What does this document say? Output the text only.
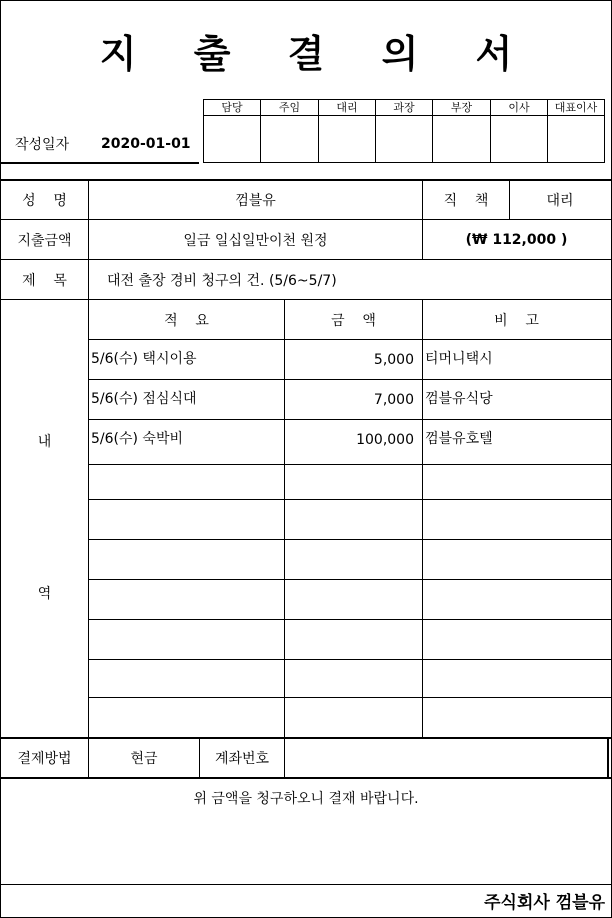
지 출 결 의 서
작성일자	2020-01-01
담당	주임	대리	과장	부장	이사	대표이사
성    명	껌블유	직    책	대리
지출금액	일금 일십일만이천 원정	(₩ 112,000 )
제    목	대전 출장 경비 청구의 건. (5/6~5/7)
내
역
적    요	금    액	비    고
5/6(수) 택시이용	5,000 티머니택시
5/6(수) 점심식대	7,000 껌블유식당
5/6(수) 숙박비	100,000 껌블유호텔
결제방법	현금	계좌번호
위 금액을 청구하오니 결재 바랍니다.
주식회사 껌블유
